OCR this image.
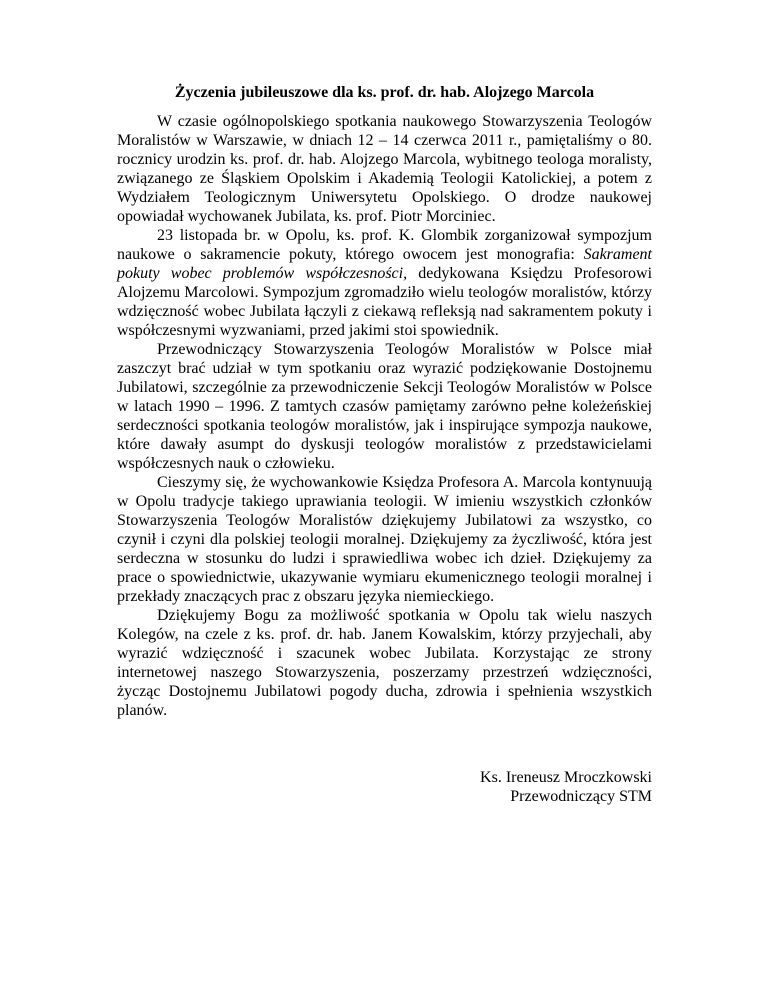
Życzenia jubileuszowe dla ks. prof. dr. hab. Alojzego Marcola

W czasie ogólnopolskiego spotkania naukowego Stowarzyszenia Teologów Moralistów w Warszawie, w dniach 12 – 14 czerwca 2011 r., pamiętaliśmy o 80. rocznicy urodzin ks. prof. dr. hab. Alojzego Marcola, wybitnego teologa moralisty, związanego ze Śląskiem Opolskim i Akademią Teologii Katolickiej, a potem z Wydziałem Teologicznym Uniwersytetu Opolskiego. O drodze naukowej opowiadał wychowanek Jubilata, ks. prof. Piotr Morciniec.

23 listopada br. w Opolu, ks. prof. K. Glombik zorganizował sympozjum naukowe o sakramencie pokuty, którego owocem jest monografia: Sakrament pokuty wobec problemów współczesności, dedykowana Księdzu Profesorowi Alojzemu Marcolowi. Sympozjum zgromadziło wielu teologów moralistów, którzy wdzięczność wobec Jubilata łączyli z ciekawą refleksją nad sakramentem pokuty i współczesnymi wyzwaniami, przed jakimi stoi spowiednik.

Przewodniczący Stowarzyszenia Teologów Moralistów w Polsce miał zaszczyt brać udział w tym spotkaniu oraz wyrazić podziękowanie Dostojnemu Jubilatowi, szczególnie za przewodniczenie Sekcji Teologów Moralistów w Polsce w latach 1990 – 1996. Z tamtych czasów pamiętamy zarówno pełne koleżeńskiej serdeczności spotkania teologów moralistów, jak i inspirujące sympozja naukowe, które dawały asumpt do dyskusji teologów moralistów z przedstawicielami współczesnych nauk o człowieku.

Cieszymy się, że wychowankowie Księdza Profesora A. Marcola kontynuują w Opolu tradycje takiego uprawiania teologii. W imieniu wszystkich członków Stowarzyszenia Teologów Moralistów dziękujemy Jubilatowi za wszystko, co czynił i czyni dla polskiej teologii moralnej. Dziękujemy za życzliwość, która jest serdeczna w stosunku do ludzi i sprawiedliwa wobec ich dzieł. Dziękujemy za prace o spowiednictwie, ukazywanie wymiaru ekumenicznego teologii moralnej i przekłady znaczących prac z obszaru języka niemieckiego.

Dziękujemy Bogu za możliwość spotkania w Opolu tak wielu naszych Kolegów, na czele z ks. prof. dr. hab. Janem Kowalskim, którzy przyjechali, aby wyrazić wdzięczność i szacunek wobec Jubilata. Korzystając ze strony internetowej naszego Stowarzyszenia, poszerzamy przestrzeń wdzięczności, życząc Dostojnemu Jubilatowi pogody ducha, zdrowia i spełnienia wszystkich planów.

Ks. Ireneusz Mroczkowski
Przewodniczący STM
